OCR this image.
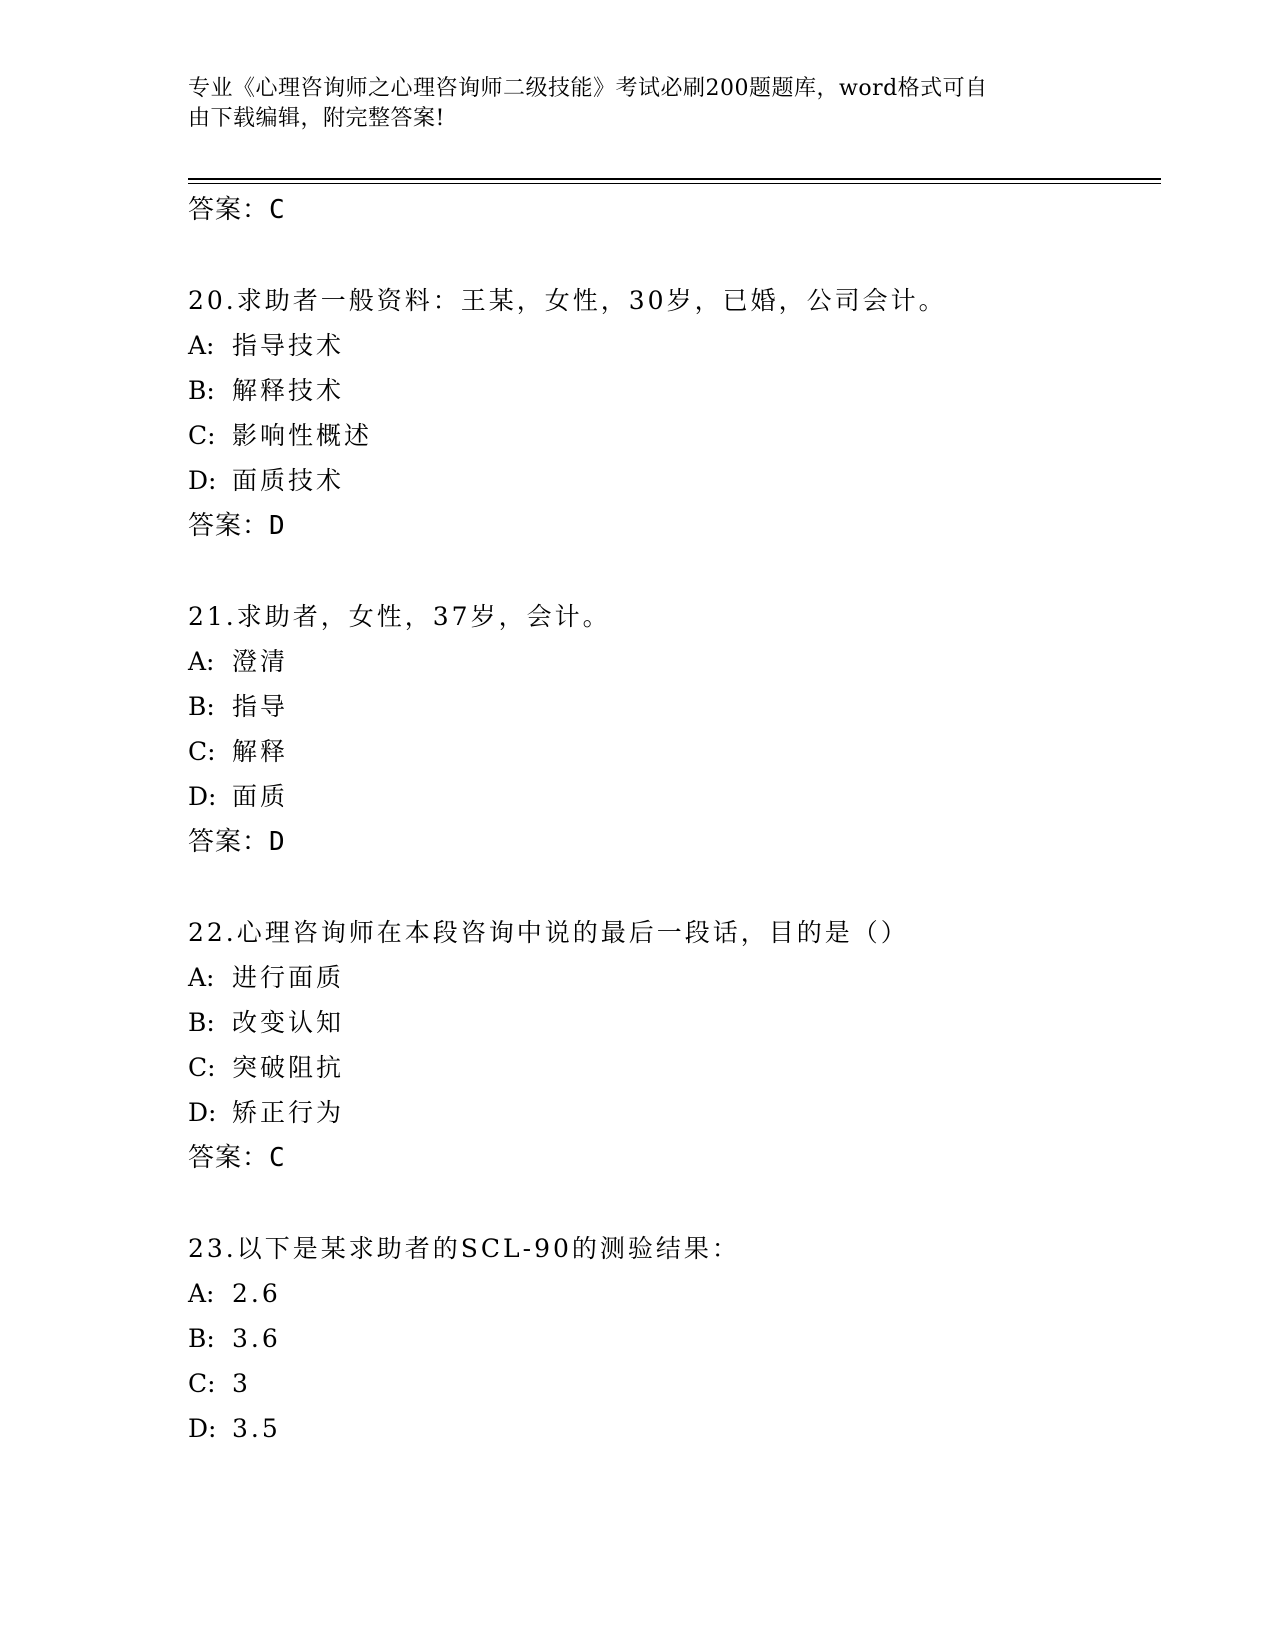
专业《心理咨询师之心理咨询师二级技能》考试必刷200题题库，word格式可自
由下载编辑，附完整答案!
答案：C
20.求助者一般资料：王某，女性，30岁，已婚，公司会计。
A: 指导技术
B: 解释技术
C: 影响性概述
D: 面质技术
答案：D
21.求助者，女性，37岁，会计。
A: 澄清
B: 指导
C: 解释
D: 面质
答案：D
22.心理咨询师在本段咨询中说的最后一段话，目的是（）
A: 进行面质
B: 改变认知
C: 突破阻抗
D: 矫正行为
答案：C
23.以下是某求助者的SCL-90的测验结果：
A: 2.6
B: 3.6
C: 3
D: 3.5
